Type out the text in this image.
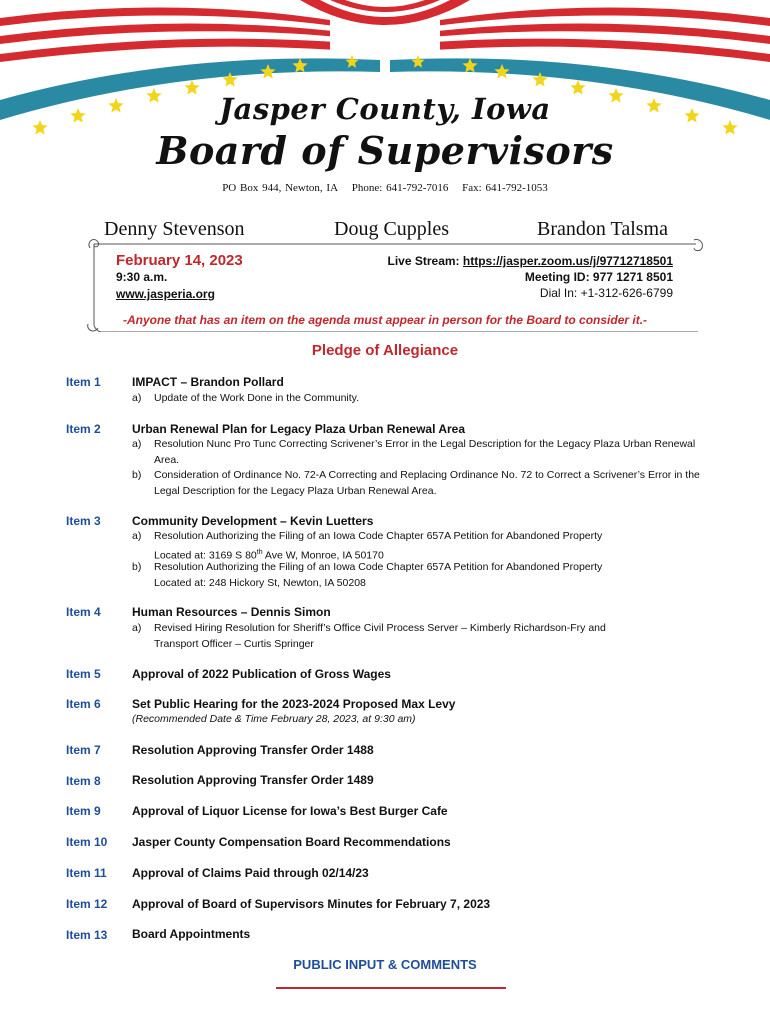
Jasper County, Iowa
Board of Supervisors
PO Box 944, Newton, IA Phone: 641-792-7016 Fax: 641-792-1053
Denny Stevenson	Doug Cupples	Brandon Talsma
February 14, 2023
9:30 a.m.
www.jasperia.org
Live Stream: https://jasper.zoom.us/j/97712718501
Meeting ID: 977 1271 8501
Dial In: +1-312-626-6799
-Anyone that has an item on the agenda must appear in person for the Board to consider it.-
Pledge of Allegiance
Item 1	IMPACT – Brandon Pollard
a) Update of the Work Done in the Community.
Item 2	Urban Renewal Plan for Legacy Plaza Urban Renewal Area
a) Resolution Nunc Pro Tunc Correcting Scrivener’s Error in the Legal Description for the Legacy Plaza Urban Renewal Area.
b) Consideration of Ordinance No. 72-A Correcting and Replacing Ordinance No. 72 to Correct a Scrivener’s Error in the Legal Description for the Legacy Plaza Urban Renewal Area.
Item 3	Community Development – Kevin Luetters
a) Resolution Authorizing the Filing of an Iowa Code Chapter 657A Petition for Abandoned Property
Located at: 3169 S 80th Ave W, Monroe, IA 50170
b) Resolution Authorizing the Filing of an Iowa Code Chapter 657A Petition for Abandoned Property
Located at: 248 Hickory St, Newton, IA 50208
Item 4	Human Resources – Dennis Simon
a) Revised Hiring Resolution for Sheriff’s Office Civil Process Server – Kimberly Richardson-Fry and Transport Officer – Curtis Springer
Item 5	Approval of 2022 Publication of Gross Wages
Item 6	Set Public Hearing for the 2023-2024 Proposed Max Levy
(Recommended Date & Time February 28, 2023, at 9:30 am)
Item 7	Resolution Approving Transfer Order 1488
Item 8	Resolution Approving Transfer Order 1489
Item 9	Approval of Liquor License for Iowa’s Best Burger Cafe
Item 10 Jasper County Compensation Board Recommendations
Item 11 Approval of Claims Paid through 02/14/23
Item 12 Approval of Board of Supervisors Minutes for February 7, 2023
Item 13 Board Appointments
PUBLIC INPUT & COMMENTS
